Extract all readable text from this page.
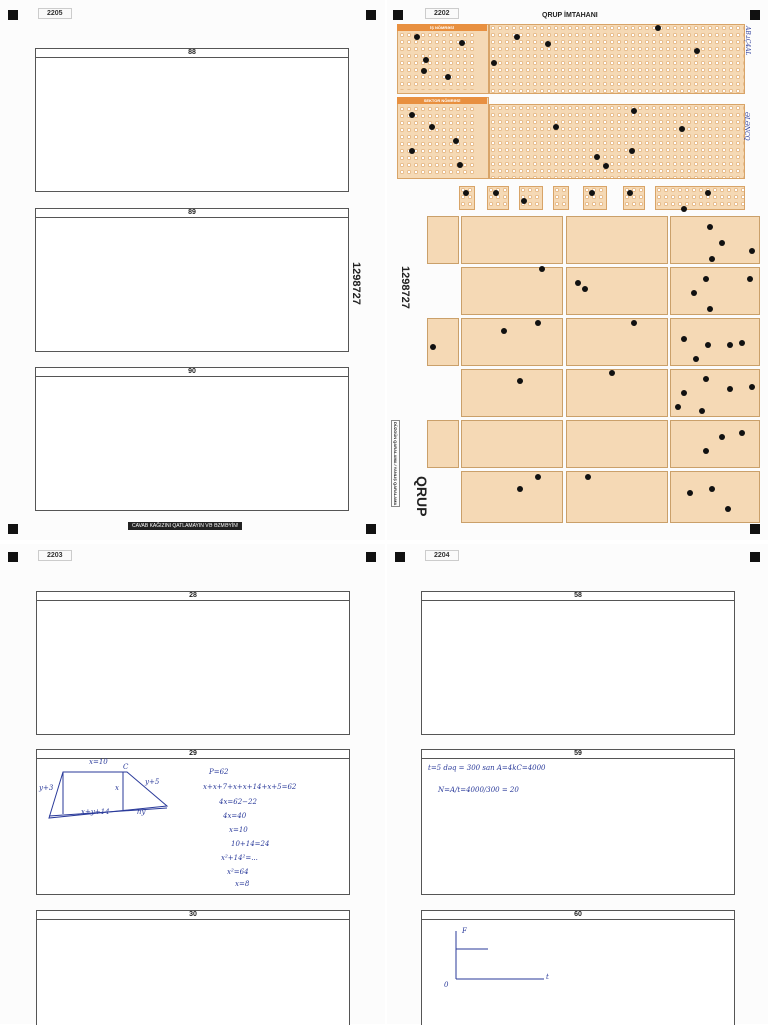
2205
88
89
90
1298727
CAVAB KAĞIZINI QATLAMAYIN VƏ ƏZMƏYİN!
2202	QRUP İMTAHANI
İŞ NÖMRƏSİ	AB⟂Ç4AL
SEKTOR NÖMRƏSİ
ƏLƏNCQ
1298727
QRUP
DÜZGÜN QARALAMA / YANLIŞ QARALAMA
2203
28
29
x=10
C
y+3	x
y+5
x+y+14	hy
P=62
x+x+7+x+x+14+x+5=62
4x=62−22
4x=40
x=10
10+14=24
x²+14²=...
x²=64
x=8
30
2204
58
59
t=5 dəq = 300 san A=4kC=4000
N=A/t=4000/300 = 20
60
F
t
0
